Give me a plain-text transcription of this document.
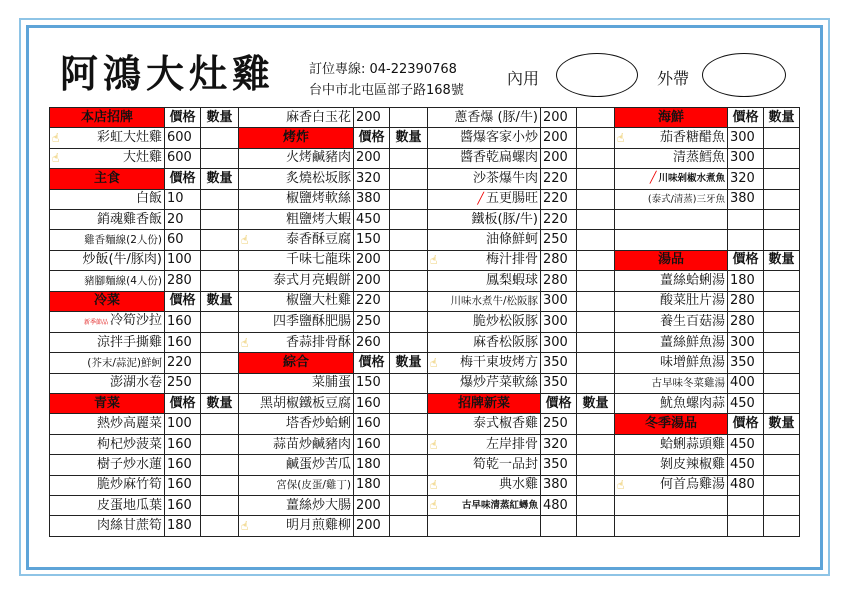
阿鴻大灶雞	訂位專線: 04-22390768
台中市北屯區部子路168號
內用	外帶
本店招牌	價格	數量	麻香白玉花	200		蔥香爆 (豚/牛)	200		海鮮	價格	數量

☝ 彩虹大灶雞	600		烤炸	價格	數量	醬爆客家小炒	200		☝ 茄香糖醋魚	300	

☝ 大灶雞	600		火烤鹹豬肉	200		醬香乾扁螺肉	200		清蒸鱈魚	300	
主食	價格	數量	炙燒松坂豚	320		沙茶爆牛肉	220		╱ 川味剁椒水煮魚	320	
白飯	10		椒鹽烤軟絲	380		╱ 五更腸旺	220		(泰式/清蒸)三牙魚	380	
銷魂雞香飯	20		粗鹽烤大蝦	450		鐵板(豚/牛)	220				
雞香麵線(2人份)	60		☝ 泰香酥豆腐	150		油條鮮蚵	250				
炒飯(牛/豚肉)	100		千味七龍珠	200		☝ 梅汁排骨	280		湯品	價格	數量
豬腳麵線(4人份)	280		泰式月亮蝦餅	200		鳳梨蝦球	280		薑絲蛤蜊湯	180	
冷菜	價格	數量	椒鹽大杜雞	220		川味水煮牛/松阪豚	300		酸菜肚片湯	280	
新季節品 冷筍沙拉	160		四季鹽酥肥腸	250		脆炒松阪豚	300		養生百菇湯	280	
涼拌手撕雞	160		☝ 香蒜排骨酥	260		麻香松阪豚	300		薑絲鮮魚湯	300	
(芥末/蒜泥)鮮蚵	220		綜合	價格	數量	☝ 梅干東坡烤方	350		味增鮮魚湯	350	
澎湖水卷	250		菜脯蛋	150		爆炒芹菜軟絲	350		古早味冬菜雞湯	400	
青菜	價格	數量	黑胡椒鐵板豆腐	160		招牌新菜	價格	數量	魷魚螺肉蒜	450	
熱炒高麗菜	100		塔香炒蛤蜊	160		泰式椒香雞	250		冬季湯品	價格	數量
枸杞炒菠菜	160		蒜苗炒鹹豬肉	160		☝ 左岸排骨	320		蛤蜊蒜頭雞	450	
樹子炒水蓮	160		鹹蛋炒苦瓜	180		筍乾一品封	350		剝皮辣椒雞	450	
脆炒麻竹筍	160		宮保(皮蛋/雞丁)	180		☝ 典水雞	380		☝ 何首烏雞湯	480	
皮蛋地瓜葉	160		薑絲炒大腸	200		☝ 古早味清蒸紅蟳魚	480				
肉絲甘蔗筍	180		☝ 明月煎雞柳	200							
